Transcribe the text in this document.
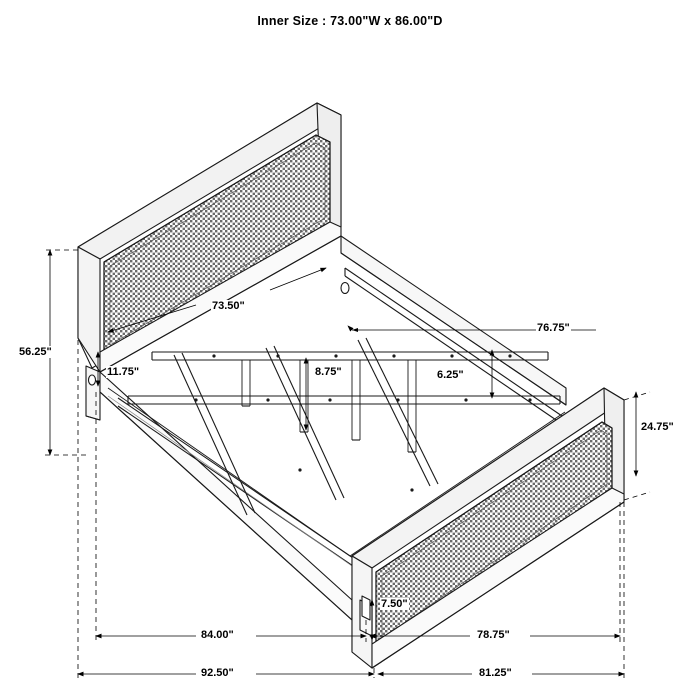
Inner Size : 73.00"W x 86.00"D
73.50"
56.25"
11.75"	8.75"	6.25"
76.75"
24.75"
7.50"
84.00"	78.75"
92.50"	81.25"
